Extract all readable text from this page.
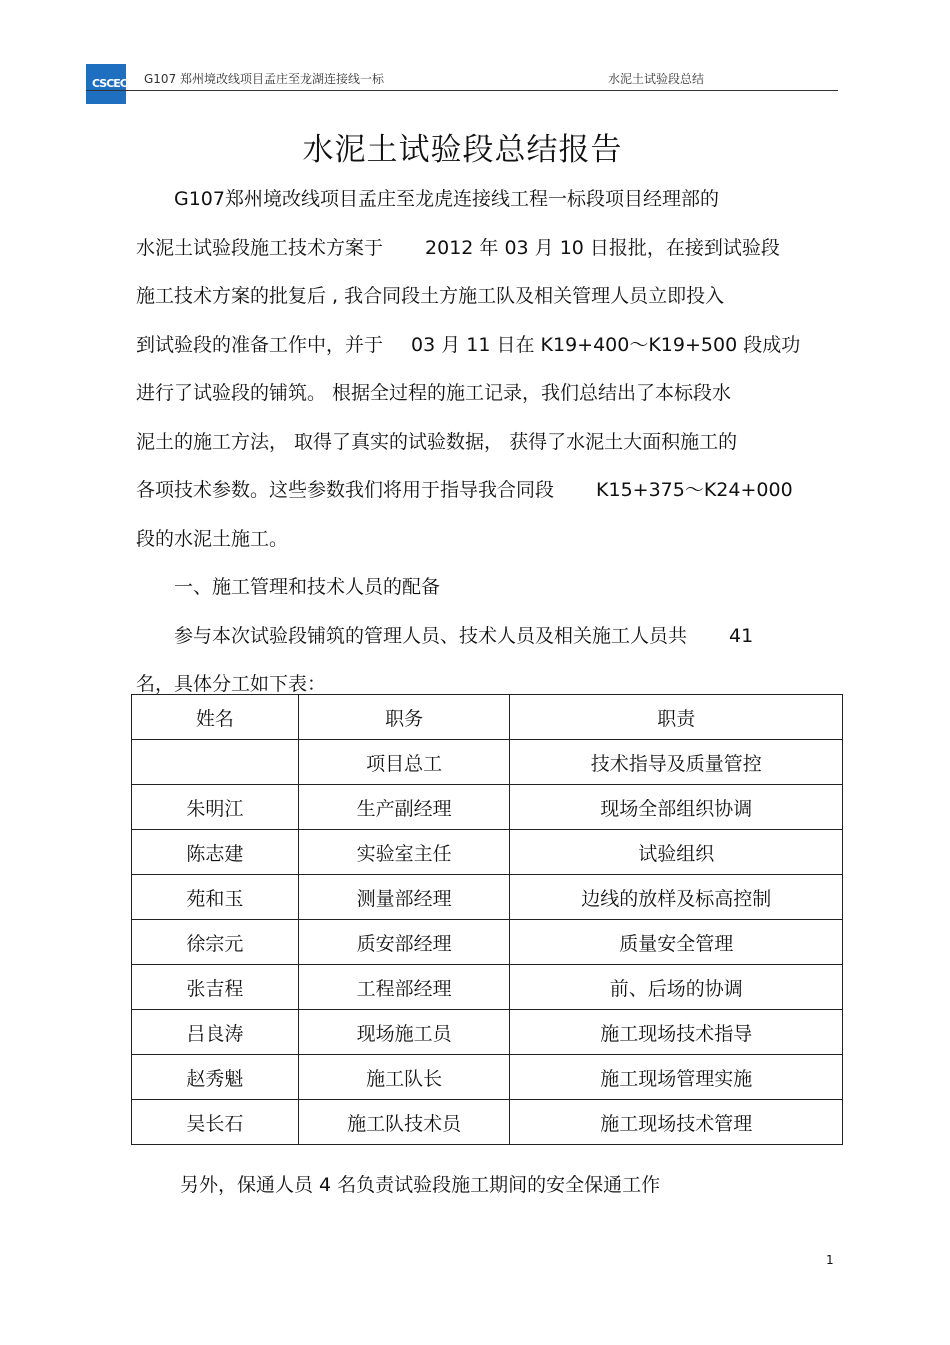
CSCEC G107 郑州境改线项目孟庄至龙湖连接线一标	水泥土试验段总结
水泥土试验段总结报告

G107郑州境改线项目孟庄至龙虎连接线工程一标段项目经理部的

水泥土试验段施工技术方案于 2012 年 03 月 10 日报批，在接到试验段

施工技术方案的批复后 , 我合同段土方施工队及相关管理人员立即投入

到试验段的准备工作中，并于 03 月 11 日在 K19+400～K19+500 段成功

进行了试验段的铺筑。 根据全过程的施工记录，我们总结出了本标段水

泥土的施工方法， 取得了真实的试验数据， 获得了水泥土大面积施工的

各项技术参数。这些参数我们将用于指导我合同段 K15+375～K24+000

段的水泥土施工。

一、施工管理和技术人员的配备

参与本次试验段铺筑的管理人员、技术人员及相关施工人员共 41

名，具体分工如下表：

姓名	职务	职责
	项目总工	技术指导及质量管控
朱明江	生产副经理	现场全部组织协调
陈志建	实验室主任	试验组织
苑和玉	测量部经理	边线的放样及标高控制
徐宗元	质安部经理	质量安全管理
张吉程	工程部经理	前、后场的协调
吕良涛	现场施工员	施工现场技术指导
赵秀魁	施工队长	施工现场管理实施
吴长石	施工队技术员	施工现场技术管理
另外，保通人员 4 名负责试验段施工期间的安全保通工作
1
